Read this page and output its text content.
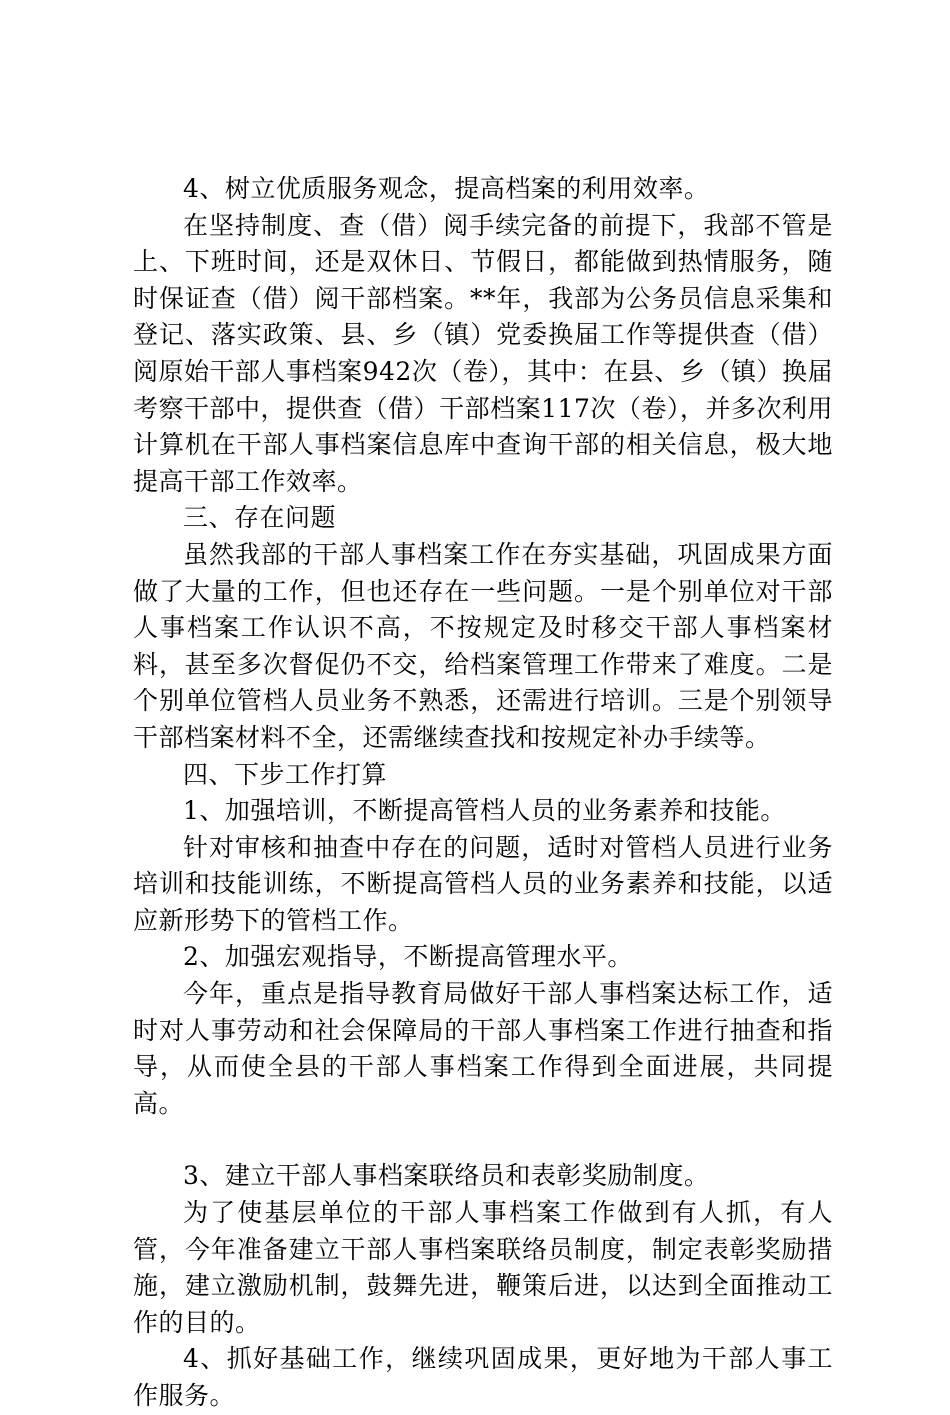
4、树立优质服务观念，提高档案的利用效率。

在坚持制度、查（借）阅手续完备的前提下，我部不管是上、下班时间，还是双休日、节假日，都能做到热情服务，随时保证查（借）阅干部档案。**年，我部为公务员信息采集和登记、落实政策、县、乡（镇）党委换届工作等提供查（借）阅原始干部人事档案942次（卷），其中：在县、乡（镇）换届考察干部中，提供查（借）干部档案117次（卷），并多次利用计算机在干部人事档案信息库中查询干部的相关信息，极大地提高干部工作效率。

三、存在问题

虽然我部的干部人事档案工作在夯实基础，巩固成果方面做了大量的工作，但也还存在一些问题。一是个别单位对干部人事档案工作认识不高，不按规定及时移交干部人事档案材料，甚至多次督促仍不交，给档案管理工作带来了难度。二是个别单位管档人员业务不熟悉，还需进行培训。三是个别领导干部档案材料不全，还需继续查找和按规定补办手续等。

四、下步工作打算

1、加强培训，不断提高管档人员的业务素养和技能。

针对审核和抽查中存在的问题，适时对管档人员进行业务培训和技能训练，不断提高管档人员的业务素养和技能，以适应新形势下的管档工作。

2、加强宏观指导，不断提高管理水平。

今年，重点是指导教育局做好干部人事档案达标工作，适时对人事劳动和社会保障局的干部人事档案工作进行抽查和指导，从而使全县的干部人事档案工作得到全面进展，共同提高。

3、建立干部人事档案联络员和表彰奖励制度。

为了使基层单位的干部人事档案工作做到有人抓，有人管，今年准备建立干部人事档案联络员制度，制定表彰奖励措施，建立激励机制，鼓舞先进，鞭策后进，以达到全面推动工作的目的。

4、抓好基础工作，继续巩固成果，更好地为干部人事工作服务。
